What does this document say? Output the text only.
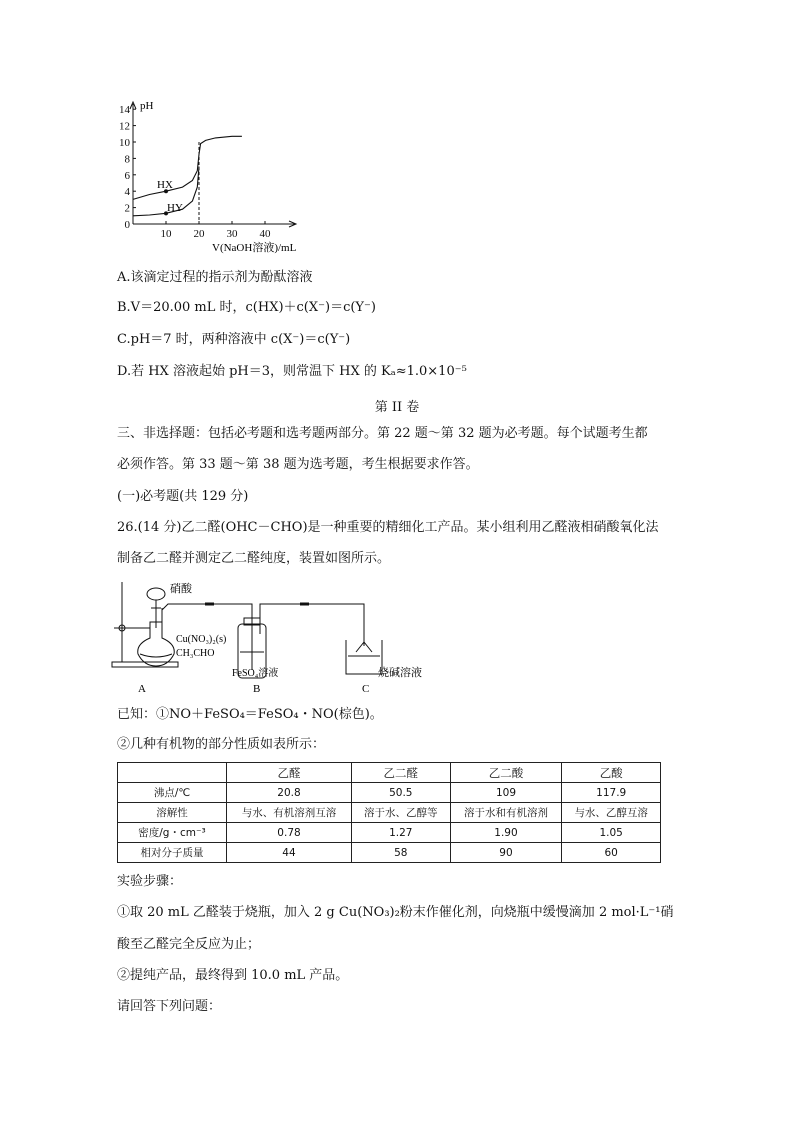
14
12
10
8
6
4
2
0
10 20 30 40
pH
V(NaOH溶液)/mL
HX
HY
A.该滴定过程的指示剂为酚酞溶液
B.V＝20.00 mL 时，c(HX)＋c(X⁻)＝c(Y⁻)
C.pH＝7 时，两种溶液中 c(X⁻)＝c(Y⁻)
D.若 HX 溶液起始 pH＝3，则常温下 HX 的 Kₐ≈1.0×10⁻⁵
第 II 卷
三、非选择题：包括必考题和选考题两部分。第 22 题～第 32 题为必考题。每个试题考生都
必须作答。第 33 题～第 38 题为选考题，考生根据要求作答。
(一)必考题(共 129 分)
26.(14 分)乙二醛(OHC－CHO)是一种重要的精细化工产品。某小组利用乙醛液相硝酸氧化法
制备乙二醛并测定乙二醛纯度，装置如图所示。
硝酸
Cu(NO₃)₂(s)
CH₃CHO
FeSO₄溶液	烧碱溶液
A	B	C
已知：①NO＋FeSO₄＝FeSO₄・NO(棕色)。
②几种有机物的部分性质如表所示：
	乙醛	乙二醛	乙二酸	乙酸
沸点/℃	20.8	50.5	109	117.9
溶解性	与水、有机溶剂互溶	溶于水、乙醇等	溶于水和有机溶剂	与水、乙醇互溶
密度/g・cm⁻³	0.78	1.27	1.90	1.05
相对分子质量	44	58	90	60
实验步骤：
①取 20 mL 乙醛装于烧瓶，加入 2 g Cu(NO₃)₂粉末作催化剂，向烧瓶中缓慢滴加 2 mol·L⁻¹硝
酸至乙醛完全反应为止；
②提纯产品，最终得到 10.0 mL 产品。
请回答下列问题：
